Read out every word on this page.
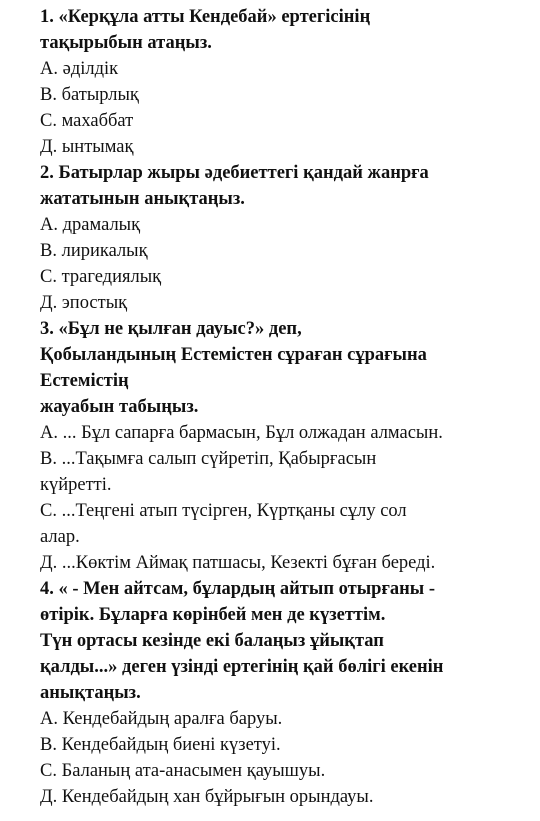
1. «Керқұла атты Кендебай» ертегісінің
тақырыбын атаңыз.
А. әділдік
В. батырлық
С. махаббат
Д. ынтымақ
2. Батырлар жыры әдебиеттегі қандай жанрға
жататынын анықтаңыз.
А. драмалық
В. лирикалық
С. трагедиялық
Д. эпостық
3. «Бұл не қылған дауыс?» деп,
Қобыландының Естемістен сұраған сұрағына
Естемістің
жауабын табыңыз.
А. ... Бұл сапарға бармасын, Бұл олжадан алмасын.
В. ...Тақымға салып сүйретіп, Қабырғасын
күйретті.
С. ...Теңгені атып түсірген, Күртқаны сұлу сол
алар.
Д. ...Көктім Аймақ патшасы, Кезекті бұған береді.
4. « - Мен айтсам, бұлардың айтып отырғаны -
өтірік. Бұларға көрінбей мен де күзеттім.
Түн ортасы кезінде екі балаңыз ұйықтап
қалды...» деген үзінді ертегінің қай бөлігі екенін
анықтаңыз.
А. Кендебайдың аралға баруы.
В. Кендебайдың биені күзетуі.
С. Баланың ата-анасымен қауышуы.
Д. Кендебайдың хан бұйрығын орындауы.
